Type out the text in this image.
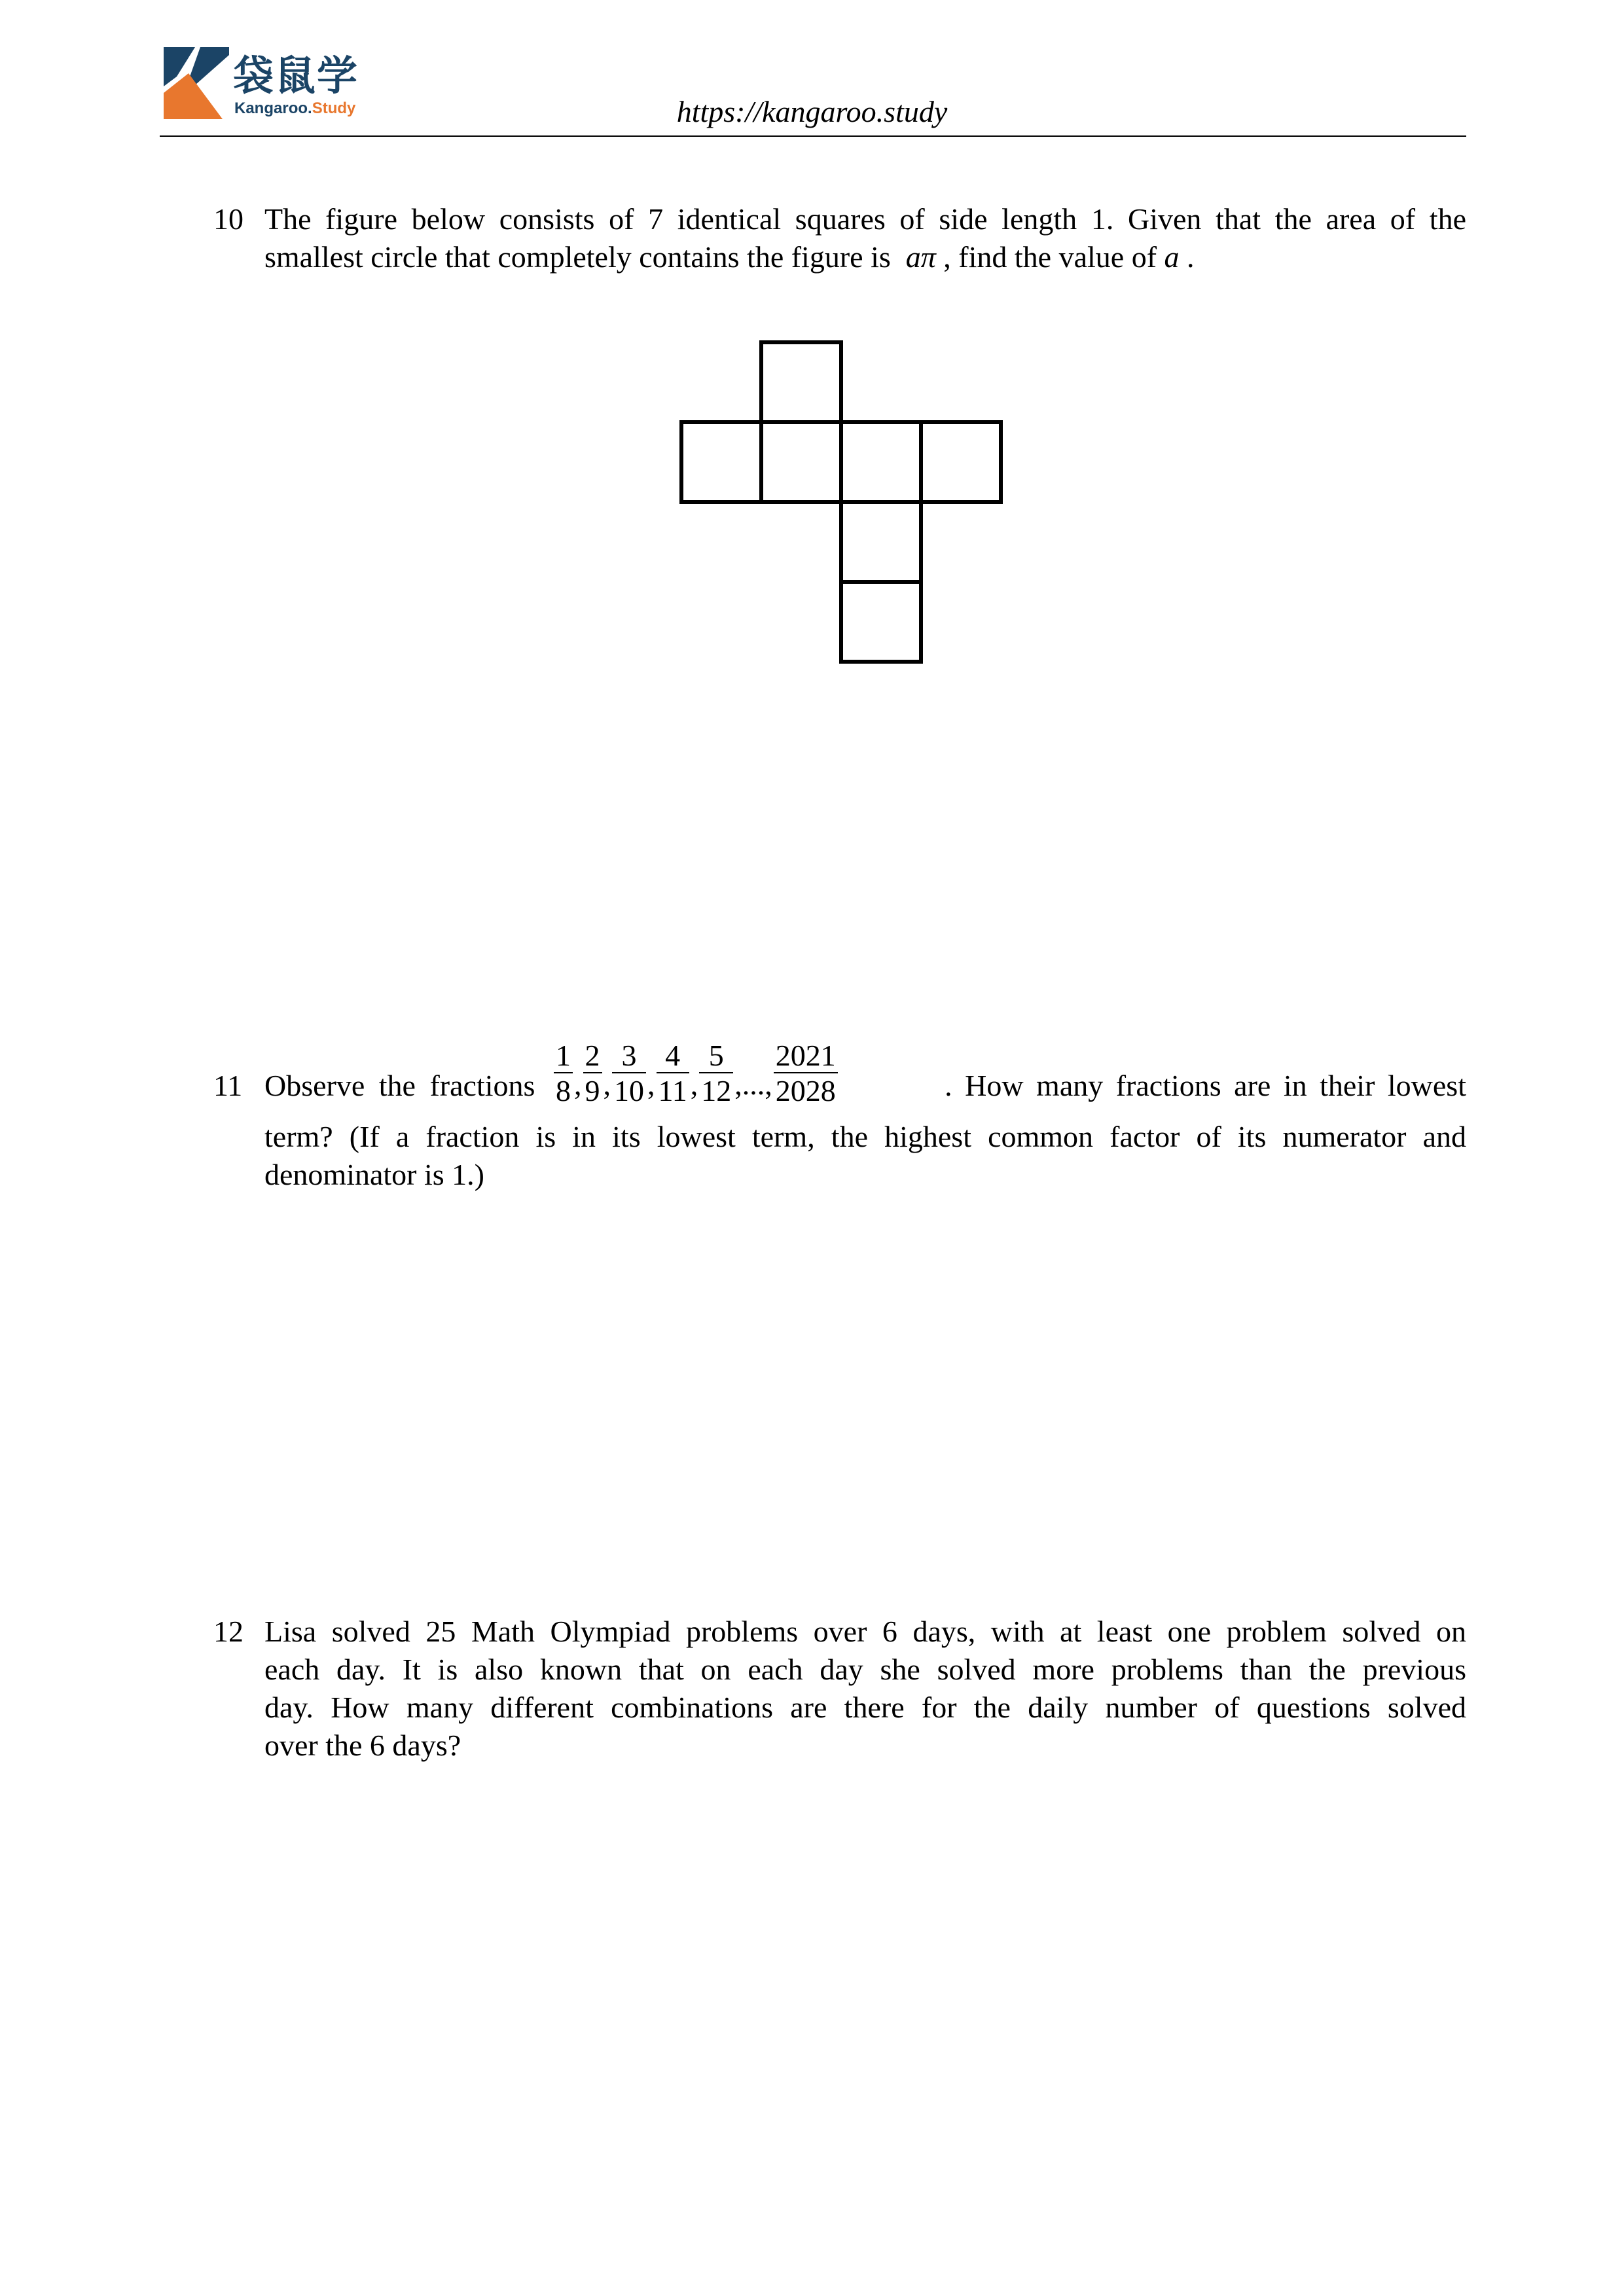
袋鼠学
Kangaroo.Study	https://kangaroo.study
10 The figure below consists of 7 identical squares of side length 1. Given that the area of the
smallest circle that completely contains the figure is aπ , find the value of a .
11 Observe the fractions $\frac{1}{8}$ , $\frac{2}{9}$ , $\frac{3}{10}$ , $\frac{4}{11}$ , $\frac{5}{12}$ ,..., $\frac{2021}{2028}$	. How many fractions are in their lowest
term? (If a fraction is in its lowest term, the highest common factor of its numerator and
denominator is 1.)
12 Lisa solved 25 Math Olympiad problems over 6 days, with at least one problem solved on
each day. It is also known that on each day she solved more problems than the previous
day. How many different combinations are there for the daily number of questions solved
over the 6 days?
